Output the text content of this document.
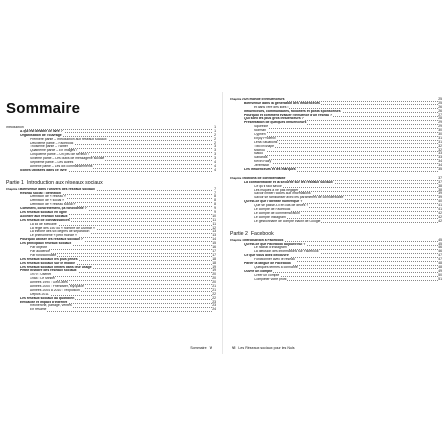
Sommaire
Introduction	1
À qui est destiné ce livre ?	1
Organisation de l'ouvrage	2
Première partie – Introduction aux réseaux sociaux	2
Deuxième partie – Facebook	2
Troisième partie – Twitter	3
Quatrième partie – En images !	3
Cinquième partie – Un peu de sérieux !	3
Sixième partie – Les outils de messagerie sociale	3
Septième partie – Les autres	4
Annexe partie – Les dix commandements	4
Icônes utilisées dans ce livre	4
Partie 1 Introduction aux réseaux sociaux
Bienvenue dans l'univers des réseaux sociaux	7
Chapitre 1
Réseau social : définition	7
Définition de « réseau »	8
Définition de « social »	8
Définition de « réseau social »	8
Comment, concrètement, ça fonctionne ?	9
Les réseaux sociaux en ligne	9
Accéder aux réseaux sociaux	10
Les réseaux de connaissances	11
La loi de Metcalfe	11
La règle des 150 ou « nombre de Dunbar »	12
La théorie des six degrés de séparation	13
Le phénomène « petit monde »	13
Pourquoi utiliser les réseaux sociaux ?	14
Les principaux réseaux sociaux	15
Par objectif	16
Par audience	17
Par fonctionnalité	17
Les réseaux sociaux les plus prisés	18
Les réseaux sociaux sur le mobile	18
Les réseaux sociaux limités dans leur usage	19
Petite histoire des réseaux sociaux	19
1979 : Usenet	20
1988 : Le Minitel	20
Années 1990 : GeoCities	20
Années 2000 : Friendster, MySpace	21
Années 2004 à 2010 : l'explosion	21
Depuis 2011	22
Les réseaux sociaux au quotidien	22
Efficacité et impact d'Internet	23
Recherche, partage, ventes	23
En résumé	24
Sommaire V
Un monde d'influenceurs	25
Chapitre 2
Bienvenue dans la génération des influenceurs	25
et dans l'ère des likes !	26
Influenceurs, communautés, followers et posts sponsorisés	26
Pourquoi et comment évaluer l'influence d'un réseau ?	27
Qui sont les plus gros influenceurs ?	28
Présentation de quelques influenceurs	29
Squeezie	29
Norman	30
Cyprien	30
Enjoy Phoenix	31
Léna Situations	31
Tibo InShape	32
Michou	32
Natoo	33
Sananas	33
Kevin Razy	34
Jeremstar	34
Les influenceurs et les marques	35
Notions de confidentialité	37
Chapitre 3
La confidentialité et la sécurité sur les réseaux sociaux	37
Ce qu'il faut savoir	38
Les risques à ne pas négliger	38
Savoir limiter l'accès aux informations	39
Savoir se familiariser avec les paramètres de confidentialité	39
Qu'est-ce que l'identité numérique ?	40
Que se passe-t-il en cas de décès ?	41
Le compte de Facebook	41
Le compte de commémoration	42
Le compte Instagram	42
Le gestionnaire de compte inactif de Google	42
Partie 2 Facebook
Introduction à Facebook	45
Chapitre 4
Qu'est-ce que Facebook aujourd'hui ?	45
Le rachat d'Instagram	46
La diffusion des informations sur Facebook	46
Ce que vous allez découvrir	47
Fonctionner avec le réseau	47
Parler la langue de Facebook	48
Quelques termes à connaître	48
Ouvrir un compte	49
Créer un compte	50
Compléter votre profil	51
VI Les Réseaux sociaux pour les Nuls
